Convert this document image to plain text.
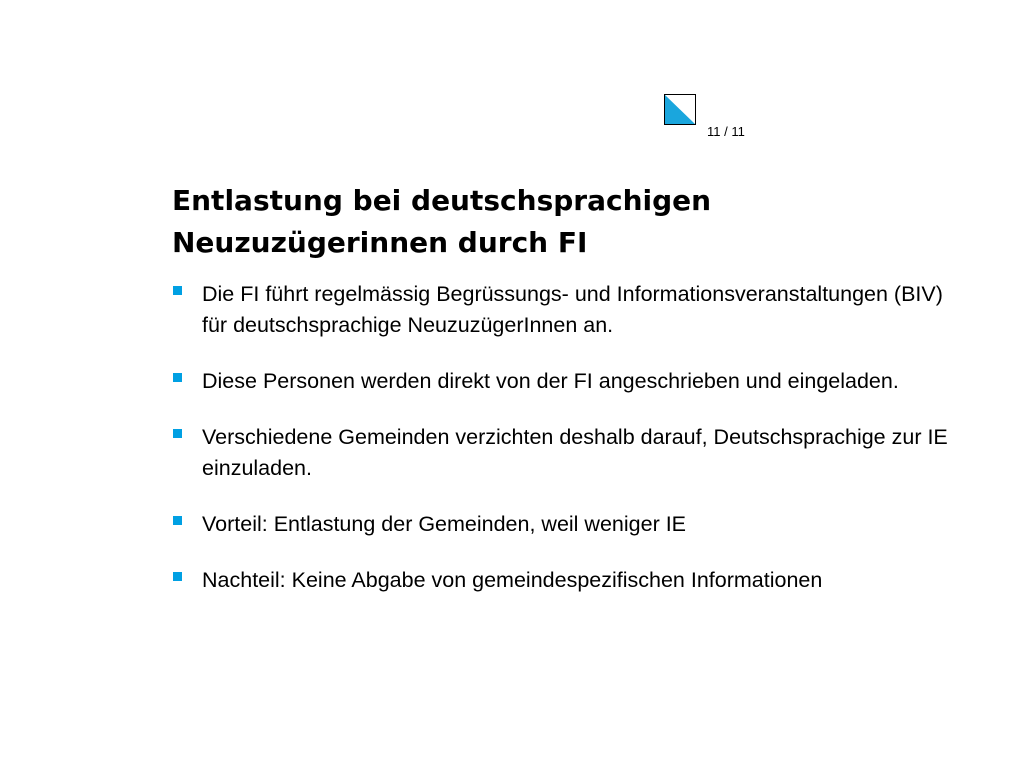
11 / 11
Entlastung bei deutschsprachigen Neuzuzügerinnen durch FI
Die FI führt regelmässig Begrüssungs- und Informationsveranstaltungen (BIV) für deutschsprachige NeuzuzügerInnen an.
Diese Personen werden direkt von der FI angeschrieben und eingeladen.
Verschiedene Gemeinden verzichten deshalb darauf, Deutschsprachige zur IE einzuladen.
Vorteil: Entlastung der Gemeinden, weil weniger IE
Nachteil: Keine Abgabe von gemeindespezifischen Informationen
